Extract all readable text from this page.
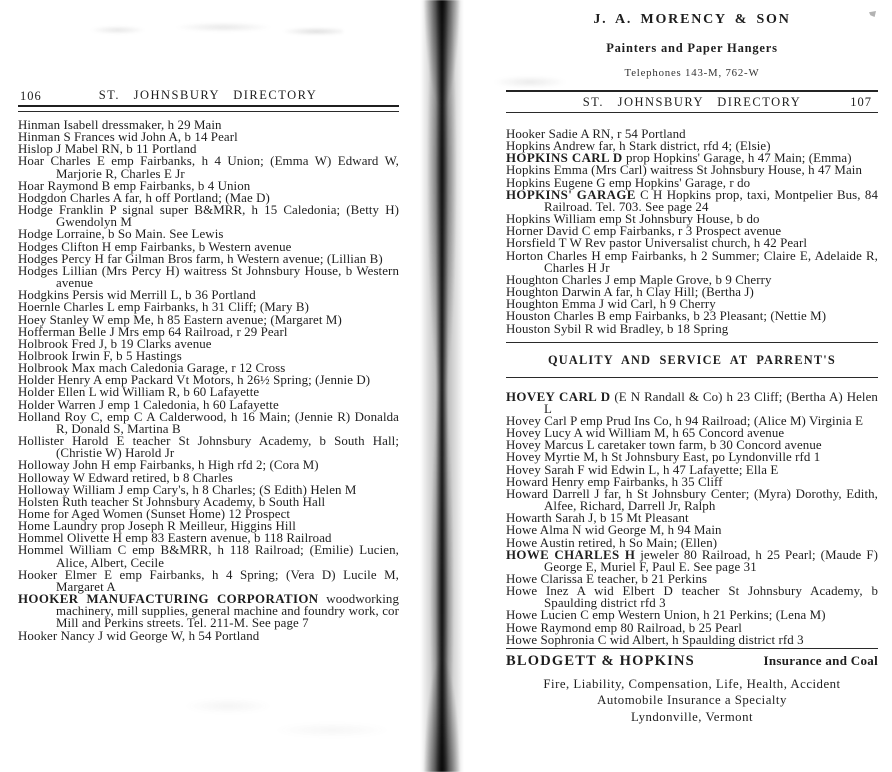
106	ST. JOHNSBURY DIRECTORY

Hinman Isabell dressmaker, h 29 Main

Hinman S Frances wid John A, b 14 Pearl

Hislop J Mabel RN, b 11 Portland

Hoar Charles E emp Fairbanks, h 4 Union; (Emma W) Edward W, Marjorie R, Charles E Jr

Hoar Raymond B emp Fairbanks, b 4 Union

Hodgdon Charles A far, h off Portland; (Mae D)

Hodge Franklin P signal super B&MRR, h 15 Caledonia; (Betty H) Gwendolyn M

Hodge Lorraine, b So Main. See Lewis

Hodges Clifton H emp Fairbanks, b Western avenue

Hodges Percy H far Gilman Bros farm, h Western avenue; (Lillian B)

Hodges Lillian (Mrs Percy H) waitress St Johnsbury House, b Western avenue

Hodgkins Persis wid Merrill L, b 36 Portland

Hoernle Charles L emp Fairbanks, h 31 Cliff; (Mary B)

Hoey Stanley W emp Me, h 85 Eastern avenue; (Margaret M)

Hofferman Belle J Mrs emp 64 Railroad, r 29 Pearl

Holbrook Fred J, b 19 Clarks avenue

Holbrook Irwin F, b 5 Hastings

Holbrook Max mach Caledonia Garage, r 12 Cross

Holder Henry A emp Packard Vt Motors, h 26½ Spring; (Jennie D)

Holder Ellen L wid William R, b 60 Lafayette

Holder Warren J emp 1 Caledonia, h 60 Lafayette

Holland Roy C, emp C A Calderwood, h 16 Main; (Jennie R) Donalda R, Donald S, Martina B

Hollister Harold E teacher St Johnsbury Academy, b South Hall; (Christie W) Harold Jr

Holloway John H emp Fairbanks, h High rfd 2; (Cora M)

Holloway W Edward retired, b 8 Charles

Holloway William J emp Cary's, h 8 Charles; (S Edith) Helen M

Holsten Ruth teacher St Johnsbury Academy, b South Hall

Home for Aged Women (Sunset Home) 12 Prospect

Home Laundry prop Joseph R Meilleur, Higgins Hill

Hommel Olivette H emp 83 Eastern avenue, b 118 Railroad

Hommel William C emp B&MRR, h 118 Railroad; (Emilie) Lucien, Alice, Albert, Cecile

Hooker Elmer E emp Fairbanks, h 4 Spring; (Vera D) Lucile M, Margaret A

HOOKER MANUFACTURING CORPORATION woodworking machinery, mill supplies, general machine and foundry work, cor Mill and Perkins streets. Tel. 211-M. See page 7

Hooker Nancy J wid George W, h 54 Portland

J. A. MORENCY & SON
Painters and Paper Hangers
Telephones 143-M, 762-W
ST. JOHNSBURY DIRECTORY	107

Hooker Sadie A RN, r 54 Portland

Hopkins Andrew far, h Stark district, rfd 4; (Elsie)

HOPKINS CARL D prop Hopkins' Garage, h 47 Main; (Emma)

Hopkins Emma (Mrs Carl) waitress St Johnsbury House, h 47 Main

Hopkins Eugene G emp Hopkins' Garage, r do

HOPKINS' GARAGE C H Hopkins prop, taxi, Montpelier Bus, 84 Railroad. Tel. 703. See page 24

Hopkins William emp St Johnsbury House, b do

Horner David C emp Fairbanks, r 3 Prospect avenue

Horsfield T W Rev pastor Universalist church, h 42 Pearl

Horton Charles H emp Fairbanks, h 2 Summer; Claire E, Adelaide R, Charles H Jr

Houghton Charles J emp Maple Grove, b 9 Cherry

Houghton Darwin A far, h Clay Hill; (Bertha J)

Houghton Emma J wid Carl, h 9 Cherry

Houston Charles B emp Fairbanks, b 23 Pleasant; (Nettie M)

Houston Sybil R wid Bradley, b 18 Spring

QUALITY AND SERVICE AT PARRENT'S

HOVEY CARL D (E N Randall & Co) h 23 Cliff; (Bertha A) Helen L

Hovey Carl P emp Prud Ins Co, h 94 Railroad; (Alice M) Virginia E

Hovey Lucy A wid William M, h 65 Concord avenue

Hovey Marcus L caretaker town farm, b 30 Concord avenue

Hovey Myrtie M, h St Johnsbury East, po Lyndonville rfd 1

Hovey Sarah F wid Edwin L, h 47 Lafayette; Ella E

Howard Henry emp Fairbanks, h 35 Cliff

Howard Darrell J far, h St Johnsbury Center; (Myra) Dorothy, Edith, Alfee, Richard, Darrell Jr, Ralph

Howarth Sarah J, b 15 Mt Pleasant

Howe Alma N wid George M, h 94 Main

Howe Austin retired, h So Main; (Ellen)

HOWE CHARLES H jeweler 80 Railroad, h 25 Pearl; (Maude F) George E, Muriel F, Paul E. See page 31

Howe Clarissa E teacher, b 21 Perkins

Howe Inez A wid Elbert D teacher St Johnsbury Academy, b Spaulding district rfd 3

Howe Lucien C emp Western Union, h 21 Perkins; (Lena M)

Howe Raymond emp 80 Railroad, b 25 Pearl

Howe Sophronia C wid Albert, h Spaulding district rfd 3

BLODGETT & HOPKINS	Insurance and Coal
Fire, Liability, Compensation, Life, Health, Accident
Automobile Insurance a Specialty
Lyndonville, Vermont
